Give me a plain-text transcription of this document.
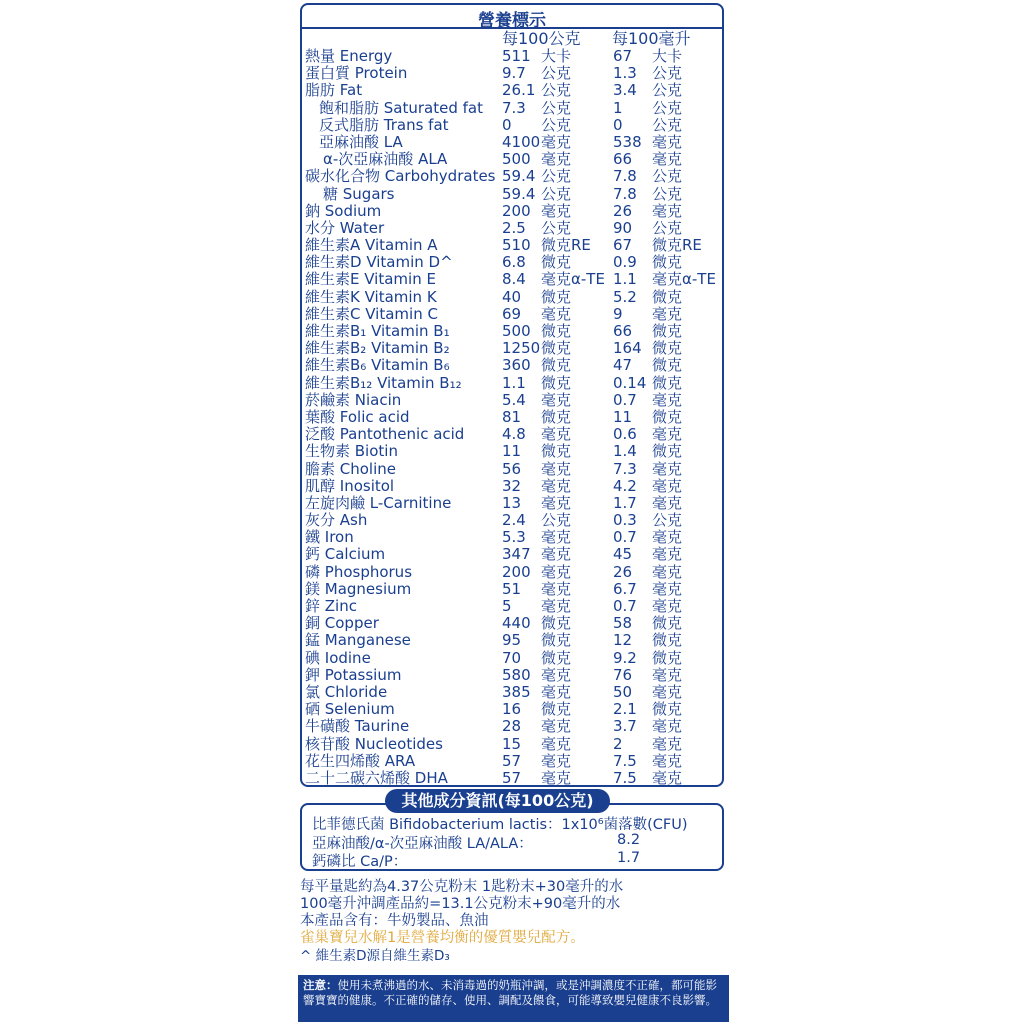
營養標示
每100公克 每100毫升
熱量 Energy	511 大卡	67 大卡
蛋白質 Protein	9.7 公克	1.3 公克
脂肪 Fat	26.1 公克	3.4 公克
飽和脂肪 Saturated fat 7.3 公克	1 公克
反式脂肪 Trans fat	0 公克	0 公克
亞麻油酸 LA	4100 毫克	538 毫克
α-次亞麻油酸 ALA	500 毫克	66 毫克
碳水化合物 Carbohydrates 59.4 公克	7.8 公克
糖 Sugars	59.4 公克	7.8 公克
鈉 Sodium	200 毫克	26 毫克
水分 Water	2.5 公克	90 公克
維生素A Vitamin A	510 微克RE 67 微克RE
維生素D Vitamin D^	6.8 微克	0.9 微克
維生素E Vitamin E	8.4 毫克α-TE 1.1 毫克α-TE
維生素K Vitamin K	40 微克	5.2 微克
維生素C Vitamin C	69 毫克	9 毫克
維生素B₁ Vitamin B₁	500 微克	66 微克
維生素B₂ Vitamin B₂	1250 微克	164 微克
維生素B₆ Vitamin B₆	360 微克	47 微克
維生素B₁₂ Vitamin B₁₂	1.1 微克	0.14 微克
菸鹼素 Niacin	5.4 毫克	0.7 毫克
葉酸 Folic acid	81 微克	11 微克
泛酸 Pantothenic acid	4.8 毫克	0.6 毫克
生物素 Biotin	11 微克	1.4 微克
膽素 Choline	56 毫克	7.3 毫克
肌醇 Inositol	32 毫克	4.2 毫克
左旋肉鹼 L-Carnitine	13 毫克	1.7 毫克
灰分 Ash	2.4 公克	0.3 公克
鐵 Iron	5.3 毫克	0.7 毫克
鈣 Calcium	347 毫克	45 毫克
磷 Phosphorus	200 毫克	26 毫克
鎂 Magnesium	51 毫克	6.7 毫克
鋅 Zinc	5 毫克	0.7 毫克
銅 Copper	440 微克	58 微克
錳 Manganese	95 微克	12 微克
碘 Iodine	70 微克	9.2 微克
鉀 Potassium	580 毫克	76 毫克
氯 Chloride	385 毫克	50 毫克
硒 Selenium	16 微克	2.1 微克
牛磺酸 Taurine	28 毫克	3.7 毫克
核苷酸 Nucleotides	15 毫克	2 毫克
花生四烯酸 ARA	57 毫克	7.5 毫克
二十二碳六烯酸 DHA	57 毫克	7.5 毫克
比菲德氏菌 Bifidobacterium lactis：1x10⁶菌落數(CFU)
亞麻油酸/α-次亞麻油酸 LA/ALA：	8.2
鈣磷比 Ca/P：	1.7
其他成分資訊(每100公克)
每平量匙約為4.37公克粉末 1匙粉末+30毫升的水
100毫升沖調產品約=13.1公克粉末+90毫升的水
本產品含有：牛奶製品、魚油
雀巢寶兒水解1是營養均衡的優質嬰兒配方。
^ 維生素D源自維生素D₃
注意：使用未煮沸過的水、未消毒過的奶瓶沖調，或是沖調濃度不正確，都可能影響寶寶的健康。不正確的儲存、使用、調配及餵食，可能導致嬰兒健康不良影響。
